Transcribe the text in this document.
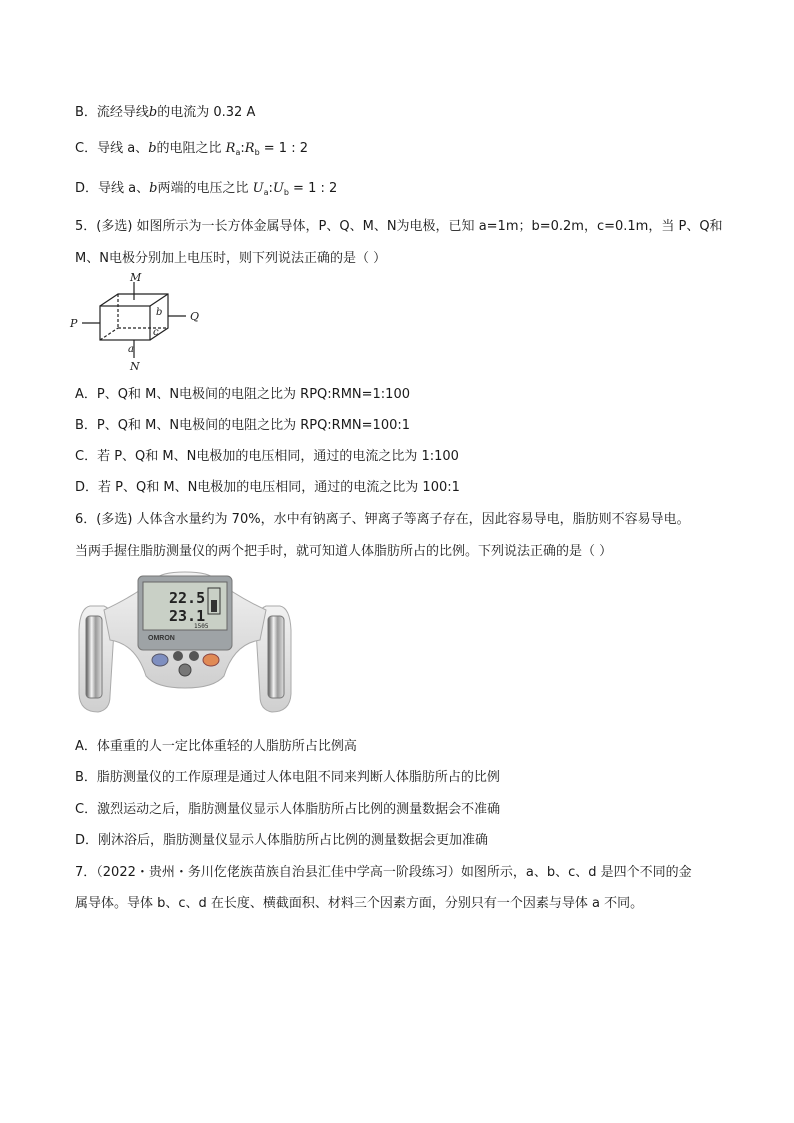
B．流经导线b的电流为 0.32 A
C．导线 a、b的电阻之比 $R_a:R_b = 1$ : 2
D．导线 a、b两端的电压之比 $U_a:U_b = 1$ : 2
5．(多选) 如图所示为一长方体金属导体，P、Q、M、N为电极，已知 a=1m；b=0.2m，c=0.1m，当 P、Q和
M、N电极分别加上电压时，则下列说法正确的是（ ）
M
N
P
Q
a
b
c
A．P、Q和 M、N电极间的电阻之比为 RPQ:RMN=1:100
B．P、Q和 M、N电极间的电阻之比为 RPQ:RMN=100:1
C．若 P、Q和 M、N电极加的电压相同，通过的电流之比为 1:100
D．若 P、Q和 M、N电极加的电压相同，通过的电流之比为 100:1
6．(多选) 人体含水量约为 70%，水中有钠离子、钾离子等离子存在，因此容易导电，脂肪则不容易导电。
当两手握住脂肪测量仪的两个把手时，就可知道人体脂肪所占的比例。下列说法正确的是（ ）
22.5
23.1
1505
OMRON
A．体重重的人一定比体重轻的人脂肪所占比例高
B．脂肪测量仪的工作原理是通过人体电阻不同来判断人体脂肪所占的比例
C．激烈运动之后，脂肪测量仪显示人体脂肪所占比例的测量数据会不准确
D．刚沐浴后，脂肪测量仪显示人体脂肪所占比例的测量数据会更加准确
7．（2022・贵州・务川仡佬族苗族自治县汇佳中学高一阶段练习）如图所示，a、b、c、d 是四个不同的金
属导体。导体 b、c、d 在长度、横截面积、材料三个因素方面，分别只有一个因素与导体 a 不同。
